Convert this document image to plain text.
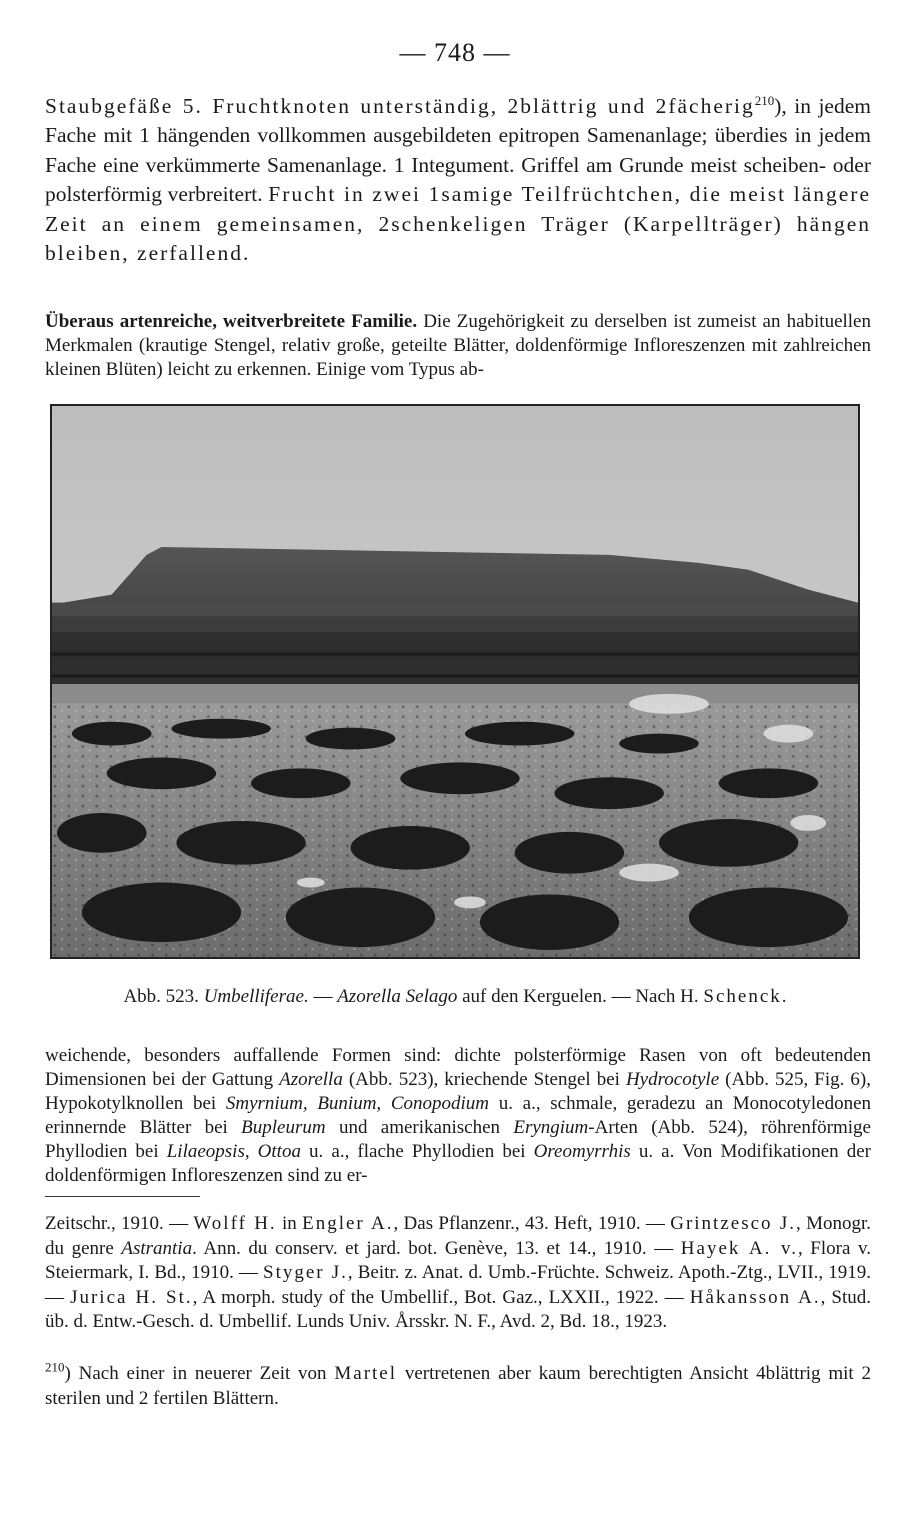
— 748 —
Staubgefäße 5. Fruchtknoten unterständig, 2blättrig und 2fächerig$^{210}$), in jedem Fache mit 1 hängenden vollkommen ausgebildeten epitropen Samenanlage; überdies in jedem Fache eine verkümmerte Samenanlage. 1 Integument. Griffel am Grunde meist scheiben- oder polsterförmig verbreitert. Frucht in zwei 1samige Teilfrüchtchen, die meist längere Zeit an einem gemeinsamen, 2schenkeligen Träger (Karpellträger) hängen bleiben, zerfallend.
Überaus artenreiche, weitverbreitete Familie. Die Zugehörigkeit zu derselben ist zumeist an habituellen Merkmalen (krautige Stengel, relativ große, geteilte Blätter, doldenförmige Infloreszenzen mit zahlreichen kleinen Blüten) leicht zu erkennen. Einige vom Typus ab-
Abb. 523. Umbelliferae. — Azorella Selago auf den Kerguelen. — Nach H. Schenck.
weichende, besonders auffallende Formen sind: dichte polsterförmige Rasen von oft bedeutenden Dimensionen bei der Gattung Azorella (Abb. 523), kriechende Stengel bei Hydrocotyle (Abb. 525, Fig. 6), Hypokotylknollen bei Smyrnium, Bunium, Conopodium u. a., schmale, geradezu an Monocotyledonen erinnernde Blätter bei Bupleurum und amerikanischen Eryngium-Arten (Abb. 524), röhrenförmige Phyllodien bei Lilaeopsis, Ottoa u. a., flache Phyllodien bei Oreomyrrhis u. a. Von Modifikationen der doldenförmigen Infloreszenzen sind zu er-
Zeitschr., 1910. — Wolff H. in Engler A., Das Pflanzenr., 43. Heft, 1910. — Grintzesco J., Monogr. du genre Astrantia. Ann. du conserv. et jard. bot. Genève, 13. et 14., 1910. — Hayek A. v., Flora v. Steiermark, I. Bd., 1910. — Styger J., Beitr. z. Anat. d. Umb.-Früchte. Schweiz. Apoth.-Ztg., LVII., 1919. — Jurica H. St., A morph. study of the Umbellif., Bot. Gaz., LXXII., 1922. — Håkansson A., Stud. üb. d. Entw.-Gesch. d. Umbellif. Lunds Univ. Årsskr. N. F., Avd. 2, Bd. 18., 1923.
$^{210}$) Nach einer in neuerer Zeit von Martel vertretenen aber kaum berechtigten Ansicht 4blättrig mit 2 sterilen und 2 fertilen Blättern.
